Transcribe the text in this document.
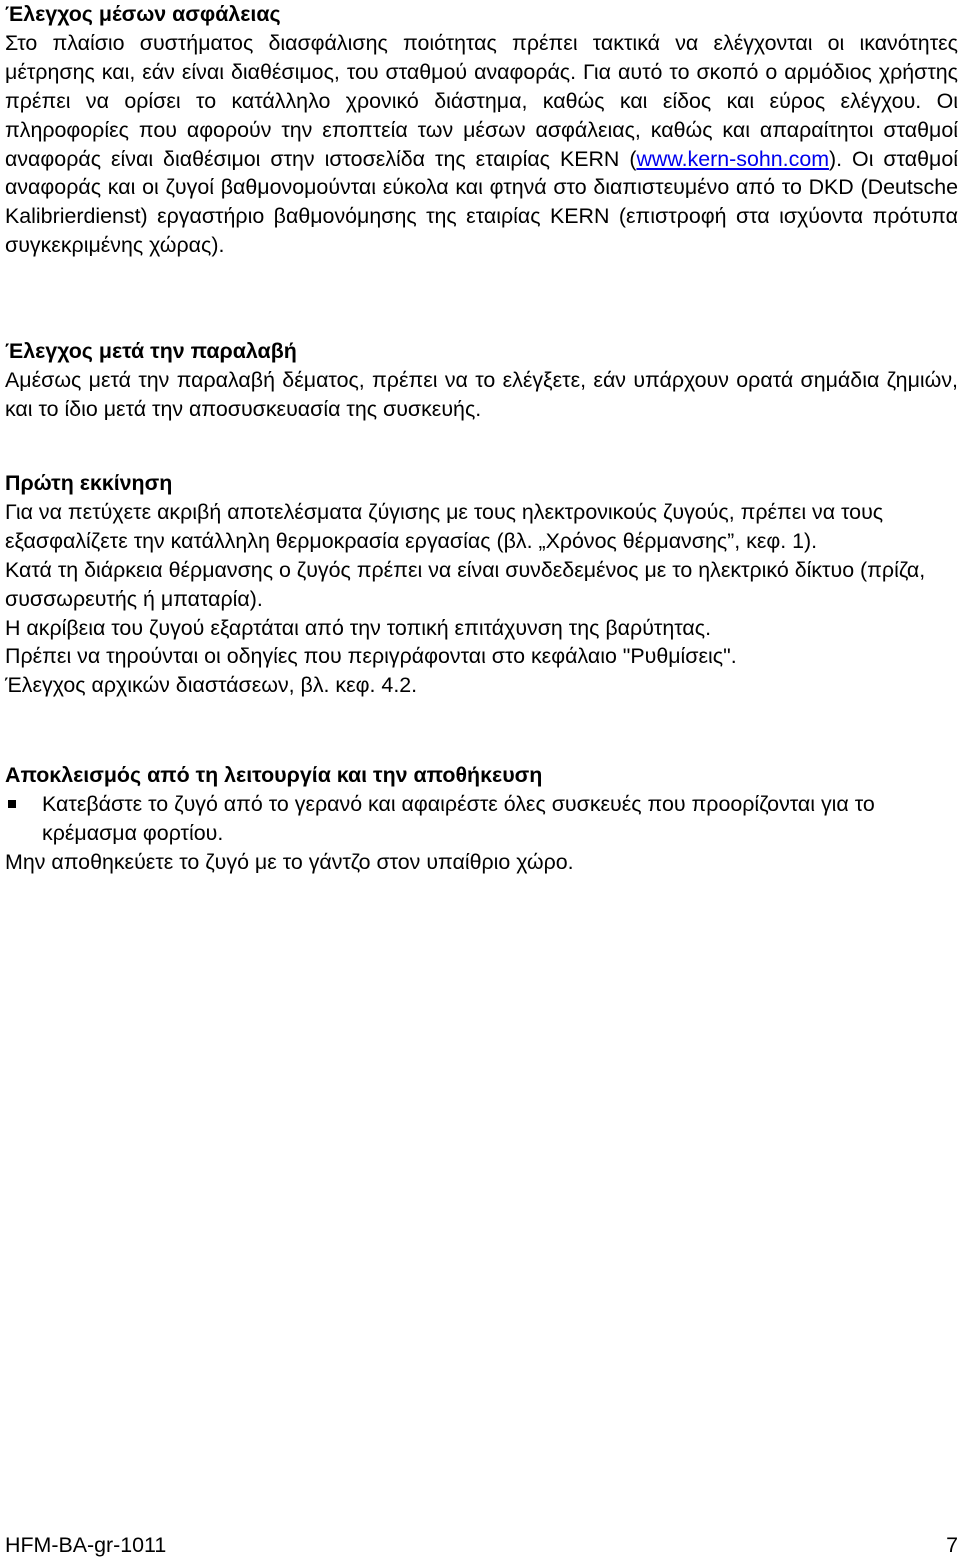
Έλεγχος μέσων ασφάλειας

Στο πλαίσιο συστήματος διασφάλισης ποιότητας πρέπει τακτικά να ελέγχονται οι ικανότητες μέτρησης και, εάν είναι διαθέσιμος, του σταθμού αναφοράς. Για αυτό το σκοπό ο αρμόδιος χρήστης πρέπει να ορίσει το κατάλληλο χρονικό διάστημα, καθώς και είδος και εύρος ελέγχου. Οι πληροφορίες που αφορούν την εποπτεία των μέσων ασφάλειας, καθώς και απαραίτητοι σταθμοί αναφοράς είναι διαθέσιμοι στην ιστοσελίδα της εταιρίας KERN (www.kern-sohn.com). Οι σταθμοί αναφοράς και οι ζυγοί βαθμονομούνται εύκολα και φτηνά στο διαπιστευμένο από το DKD (Deutsche Kalibrierdienst) εργαστήριο βαθμονόμησης της εταιρίας KERN (επιστροφή στα ισχύοντα πρότυπα συγκεκριμένης χώρας).

Έλεγχος μετά την παραλαβή

Αμέσως μετά την παραλαβή δέματος, πρέπει να το ελέγξετε, εάν υπάρχουν ορατά σημάδια ζημιών, και το ίδιο μετά την αποσυσκευασία της συσκευής.

Πρώτη εκκίνηση

Για να πετύχετε ακριβή αποτελέσματα ζύγισης με τους ηλεκτρονικούς ζυγούς, πρέπει να τους εξασφαλίζετε την κατάλληλη θερμοκρασία εργασίας (βλ. „Χρόνος θέρμανσης”, κεφ. 1).

Κατά τη διάρκεια θέρμανσης ο ζυγός πρέπει να είναι συνδεδεμένος με το ηλεκτρικό δίκτυο (πρίζα, συσσωρευτής ή μπαταρία).

Η ακρίβεια του ζυγού εξαρτάται από την τοπική επιτάχυνση της βαρύτητας.

Πρέπει να τηρούνται οι οδηγίες που περιγράφονται στο κεφάλαιο "Ρυθμίσεις".

Έλεγχος αρχικών διαστάσεων, βλ. κεφ. 4.2.

Αποκλεισμός από τη λειτουργία και την αποθήκευση

Κατεβάστε το ζυγό από το γερανό και αφαιρέστε όλες συσκευές που προορίζονται για το κρέμασμα φορτίου.

Μην αποθηκεύετε το ζυγό με το γάντζο στον υπαίθριο χώρο.

HFM-BA-gr-1011	7
